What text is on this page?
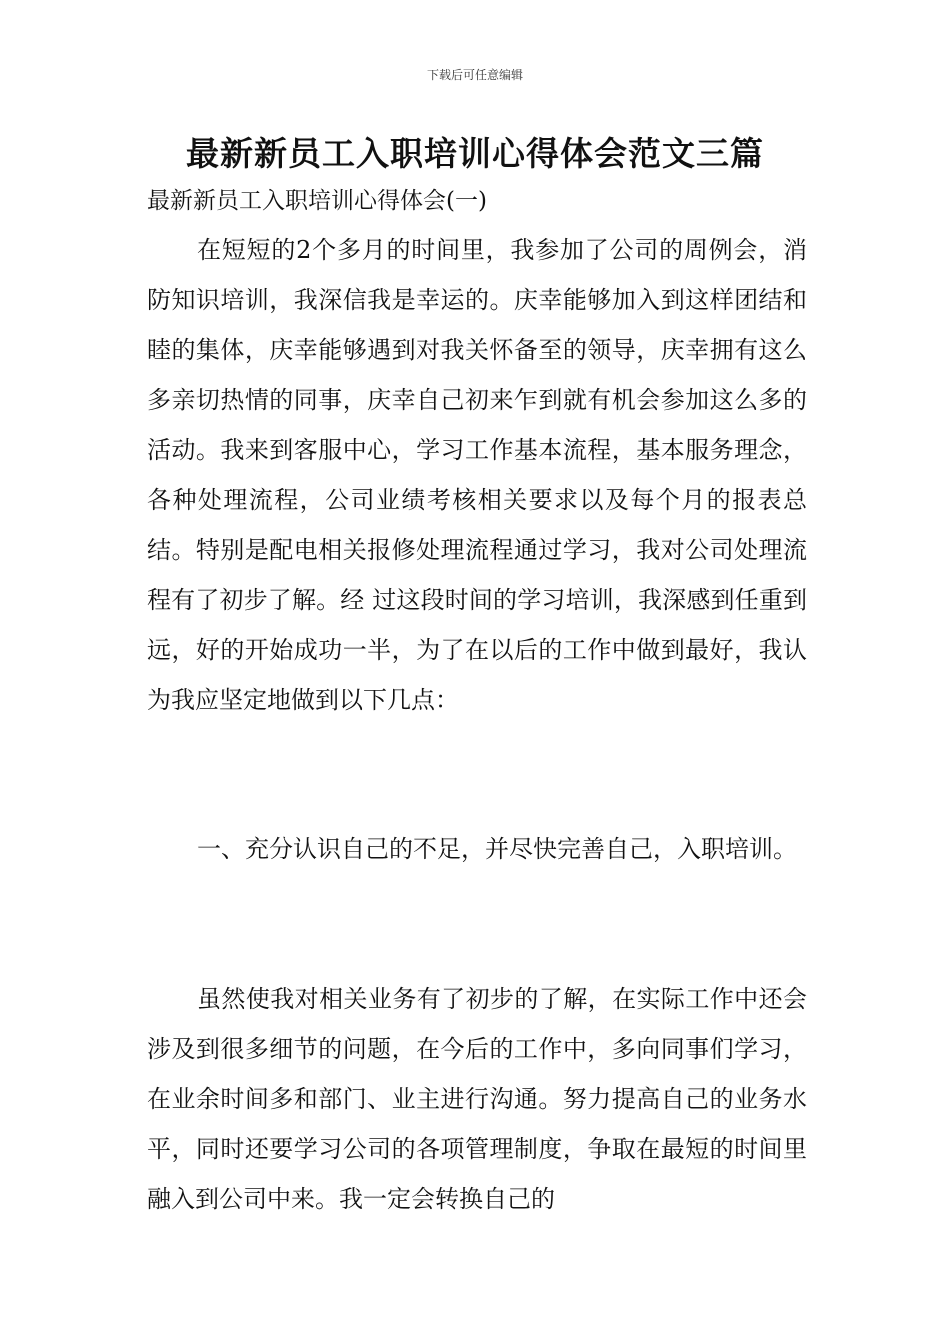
下载后可任意编辑
最新新员工入职培训心得体会范文三篇
最新新员工入职培训心得体会(一)
在短短的2个多月的时间里，我参加了公司的周例会，消防知识培训，我深信我是幸运的。庆幸能够加入到这样团结和 睦的集体，庆幸能够遇到对我关怀备至的领导，庆幸拥有这么多亲切热情的同事，庆幸自己初来乍到就有机会参加这么多的活动。我来到客服中心，学习工作基本流程，基本服务理念，各种处理流程，公司业绩考核相关要求以及每个月的报表总结。特别是配电相关报修处理流程通过学习，我对公司处理流程有了初步了解。经 过这段时间的学习培训，我深感到任重到远，好的开始成功一半，为了在以后的工作中做到最好，我认为我应坚定地做到以下几点：
一、充分认识自己的不足，并尽快完善自己，入职培训。
虽然使我对相关业务有了初步的了解，在实际工作中还会涉及到很多细节的问题，在今后的工作中，多向同事们学习， 在业余时间多和部门、业主进行沟通。努力提高自己的业务水平，同时还要学习公司的各项管理制度，争取在最短的时间里融入到公司中来。我一定会转换自己的
